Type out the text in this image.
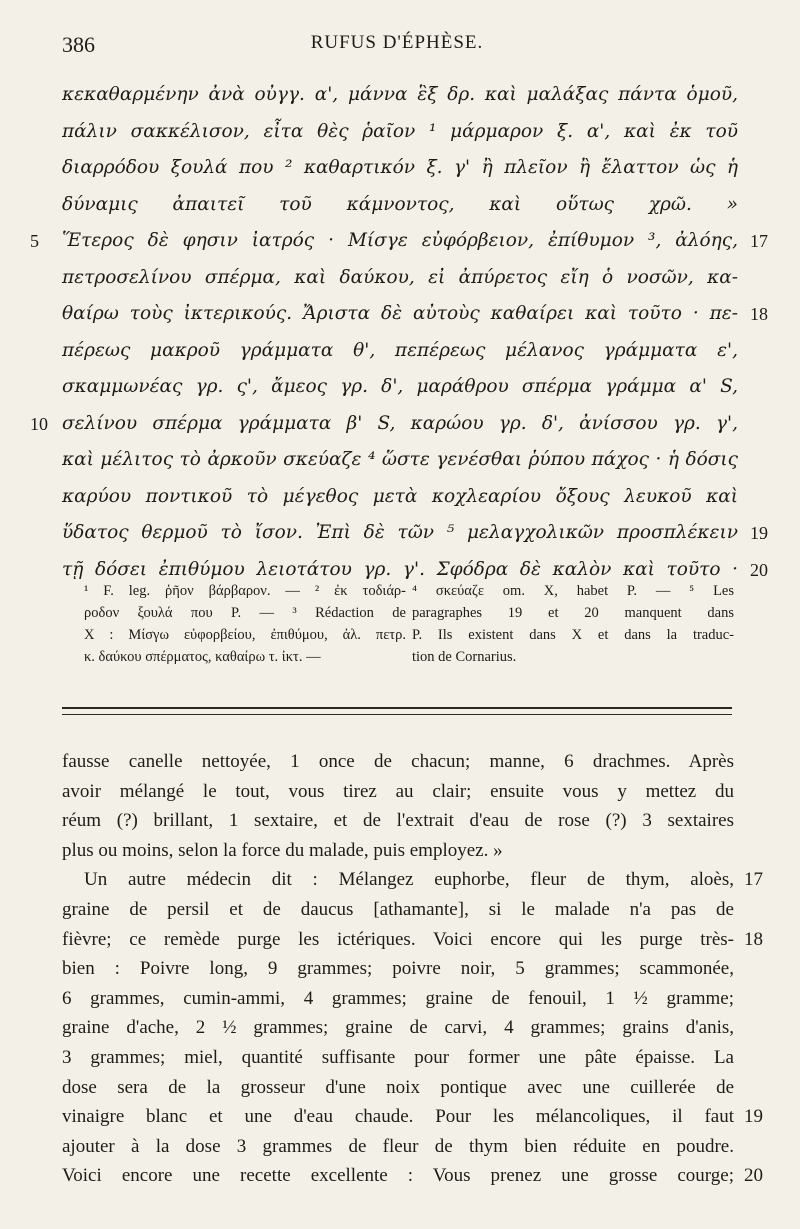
386	RUFUS D'ÉPHÈSE.
κεκαθαρμένην ἀνὰ οὐγγ. α', μάννα ἓξ δρ. καὶ μαλάξας πάντα ὁμοῦ,
πάλιν σακκέλισον, εἶτα θὲς ῥαῖον ¹ μάρμαρον ξ. α', καὶ ἐκ τοῦ
διαρρόδου ξουλά που ² καθαρτικόν ξ. γ' ἢ πλεῖον ἢ ἔλαττον ὡς ἡ
δύναμις ἀπαιτεῖ τοῦ κάμνοντος, καὶ οὕτως χρῶ. »
Ἕτερος δὲ φησιν ἰατρός · Μίσγε εὐφόρβειον, ἐπίθυμον ³, ἀλόης,
5	17
πετροσελίνου σπέρμα, καὶ δαύκου, εἰ ἀπύρετος εἴη ὁ νοσῶν, κα-
θαίρω τοὺς ἰκτερικούς. Ἄριστα δὲ αὐτοὺς καθαίρει καὶ τοῦτο · πε- 18
πέρεως μακροῦ γράμματα θ', πεπέρεως μέλανος γράμματα ε',
σκαμμωνέας γρ. ς', ἄμεος γρ. δ', μαράθρου σπέρμα γράμμα α' S,
σελίνου σπέρμα γράμματα β' S, καρώου γρ. δ', ἀνίσσου γρ. γ',
10
καὶ μέλιτος τὸ ἀρκοῦν σκεύαζε ⁴ ὥστε γενέσθαι ῥύπου πάχος · ἡ δόσις
καρύου ποντικοῦ τὸ μέγεθος μετὰ κοχλεαρίου ὄξους λευκοῦ καὶ
ὕδατος θερμοῦ τὸ ἴσον. Ἐπὶ δὲ τῶν ⁵ μελαγχολικῶν προσπλέκειν 19
τῇ δόσει ἐπιθύμου λειοτάτου γρ. γ'. Σφόδρα δὲ καλὸν καὶ τοῦτο · 20
¹ F. leg. ῥῆον βάρβαρον. — ² ἐκ τοδιάρ-
ροδον ξουλά που P. — ³ Rédaction de
X : Μίσγω εὐφορβείου, ἐπιθύμου, ἀλ. πετρ.
κ. δαύκου σπέρματος, καθαίρω τ. ἰκτ. —
⁴ σκεύαζε om. X, habet P. — ⁵ Les
paragraphes 19 et 20 manquent dans
P. Ils existent dans X et dans la traduc-
tion de Cornarius.
fausse canelle nettoyée, 1 once de chacun; manne, 6 drachmes. Après
avoir mélangé le tout, vous tirez au clair; ensuite vous y mettez du
réum (?) brillant, 1 sextaire, et de l'extrait d'eau de rose (?) 3 sextaires
plus ou moins, selon la force du malade, puis employez. »
Un autre médecin dit : Mélangez euphorbe, fleur de thym, aloès, 17
graine de persil et de daucus [athamante], si le malade n'a pas de
fièvre; ce remède purge les ictériques. Voici encore qui les purge très- 18
bien : Poivre long, 9 grammes; poivre noir, 5 grammes; scammonée,
6 grammes, cumin-ammi, 4 grammes; graine de fenouil, 1 ½ gramme;
graine d'ache, 2 ½ grammes; graine de carvi, 4 grammes; grains d'anis,
3 grammes; miel, quantité suffisante pour former une pâte épaisse. La
dose sera de la grosseur d'une noix pontique avec une cuillerée de
vinaigre blanc et une d'eau chaude. Pour les mélancoliques, il faut 19
ajouter à la dose 3 grammes de fleur de thym bien réduite en poudre.
Voici encore une recette excellente : Vous prenez une grosse courge; 20
